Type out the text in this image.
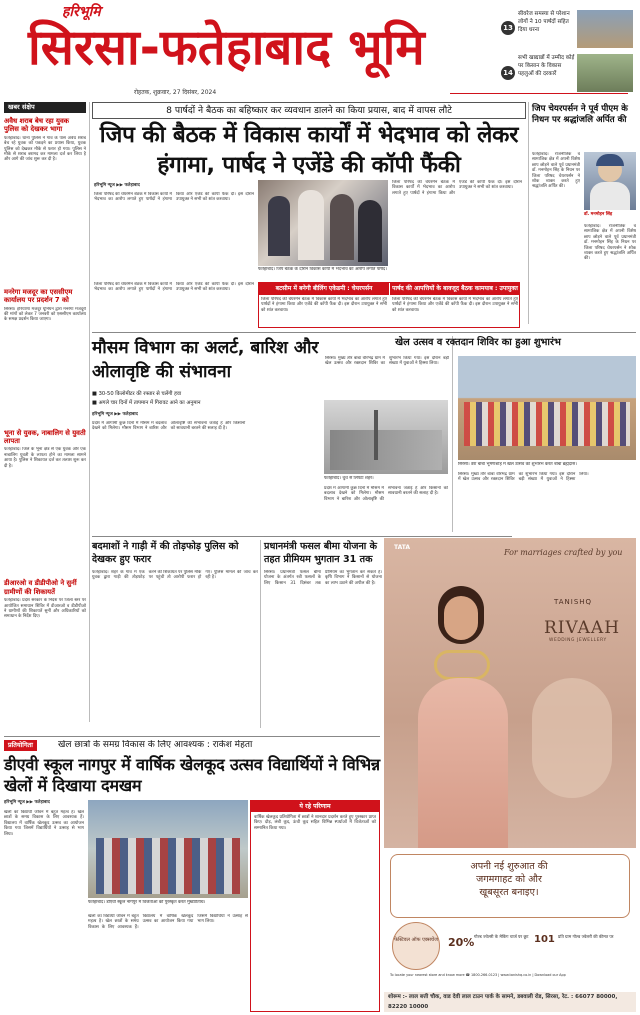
हरिभूमि
सिरसा-फतेहाबाद भूमि
रोहतक, शुक्रवार, 27 दिसंबर, 2024
13
सीवरेज समस्या से परेशान लोगों ने 10 पार्षदों सहित दिया धरना
14
सभी खाद्यान्नों में उम्मीद कोई पर किसान के विकास पहलुओं की दरकारें
खबर संक्षेप
अवैध शराब बेच रहा युवक पुलिस को देखकर भागा
फतेहाबाद। थाना पुलिस ने गांव के पास अवैध शराब बेच रहे युवक को पकड़ने का प्रयास किया, युवक पुलिस को देखकर मौके से फरार हो गया। पुलिस ने मौके से शराब बरामद कर मामला दर्ज कर लिया है और आगे की जांच शुरू कर दी है।
मनरेगा मजदूर का एससीएम कार्यालय पर प्रदर्शन 7 को
सिरसा। हरियाणा मजदूर यूनियन द्वारा मनरेगा मजदूरों की मांगों को लेकर 7 जनवरी को एससीएम कार्यालय के समक्ष प्रदर्शन किया जाएगा।
भूना से युवक, नाबालिग से युवती लापता
फतेहाबाद। जिले के भूना क्षेत्र से एक युवक और एक नाबालिग युवती के लापता होने का मामला सामने आया है। पुलिस ने शिकायत दर्ज कर तलाश शुरू कर दी है।
डीआरओ व डीडीपीओ ने सुनीं ग्रामीणों की शिकायतें
फतेहाबाद। प्रदेश सरकार के निर्देश पर जिला स्तर पर आयोजित समाधान शिविर में डीआरओ व डीडीपीओ ने ग्रामीणों की शिकायतें सुनीं और अधिकारियों को समाधान के निर्देश दिए।
8 पार्षदों ने बैठक का बहिष्कार कर व्यवधान डालने का किया प्रयास, बाद में वापस लौटे
जिप की बैठक में विकास कार्यों में भेदभाव को लेकर हंगामा, पार्षद ने एजेंडे की कॉपी फैंकी
हरिभूमि न्यूज ▶▶ फतेहाबाद
जिला परिषद की चेयरमैन बैठक में विकास कार्यों में भेदभाव का आरोप लगाते हुए पार्षदों ने हंगामा किया और एजेंडे की कॉपी फैंक दी। इस दौरान उपायुक्त ने सभी को शांत करवाया।
फतेहाबाद। जिप बैठक के दौरान विकास कार्यों में भेदभाव का आरोप लगाते पार्षद।
जिला परिषद की चेयरमैन बैठक में विकास कार्यों में भेदभाव का आरोप लगाते हुए पार्षदों ने हंगामा किया और एजेंडे की कॉपी फैंक दी। इस दौरान उपायुक्त ने सभी को शांत करवाया।
जिला परिषद की चेयरमैन बैठक में विकास कार्यों में भेदभाव का आरोप लगाते हुए पार्षदों ने हंगामा किया और एजेंडे की कॉपी फैंक दी। इस दौरान उपायुक्त ने सभी को शांत करवाया।	बटसीम में बनेगी बीलिंग एकेडमी : चेयरपर्सन	पार्षद की आपत्तियों के बावजूद बैठक कामयाब : उपायुक्त
जिला परिषद की चेयरमैन बैठक में विकास कार्यों में भेदभाव का आरोप लगाते हुए पार्षदों ने हंगामा किया और एजेंडे की कॉपी फैंक दी। इस दौरान उपायुक्त ने सभी को शांत करवाया।
जिला परिषद की चेयरमैन बैठक में विकास कार्यों में भेदभाव का आरोप लगाते हुए पार्षदों ने हंगामा किया और एजेंडे की कॉपी फैंक दी। इस दौरान उपायुक्त ने सभी को शांत करवाया।
जिप चेयरपर्सन ने पूर्व पीएम के निधन पर श्रद्धांजलि अर्पित की
फतेहाबाद। राजनीतिक व सामाजिक क्षेत्र में अपनी विशेष छाप छोड़ने वाले पूर्व प्रधानमंत्री डॉ. मनमोहन सिंह के निधन पर जिला परिषद चेयरपर्सन ने शोक व्यक्त करते हुए श्रद्धांजलि अर्पित की।
डॉ. मनमोहन सिंह
फतेहाबाद। राजनीतिक व सामाजिक क्षेत्र में अपनी विशेष छाप छोड़ने वाले पूर्व प्रधानमंत्री डॉ. मनमोहन सिंह के निधन पर जिला परिषद चेयरपर्सन ने शोक व्यक्त करते हुए श्रद्धांजलि अर्पित की।
मौसम विभाग का अलर्ट, बारिश और ओलावृष्टि की संभावना
■ 30-50 किलोमीटर की रफ्तार से चलेंगी हवा
■ अगले चार दिनों में तापमान में गिरावट आने का अनुमान
हरिभूमि न्यूज ▶▶ फतेहाबाद
प्रदेश में आगामी कुछ दिनों में मौसम में बदलाव देखने को मिलेगा। मौसम विभाग ने बारिश और ओलावृष्टि की संभावना जताई है और किसानों को सावधानी बरतने की सलाह दी है।
फतेहाबाद। धुंध से लिपटा शहर।
प्रदेश में आगामी कुछ दिनों में मौसम में बदलाव देखने को मिलेगा। मौसम विभाग ने बारिश और ओलावृष्टि की संभावना जताई है और किसानों को सावधानी बरतने की सलाह दी है।
खेल उत्सव व रक्तदान शिविर का हुआ शुभारंभ
सिरसा। मुख्य तौर बाबा वीरभद्र ग्राम में खेल उत्सव और रक्तदान शिविर का शुभारंभ किया गया। इस दौरान बड़ी संख्या में युवाओं ने हिस्सा लिया।
सिरसा। डेरा बाबा भूमणशाह में खेल उत्सव का शुभारंभ करते बाबा ब्रह्मदास।
सिरसा। मुख्य तौर बाबा वीरभद्र ग्राम में खेल उत्सव और रक्तदान शिविर का शुभारंभ किया गया। इस दौरान बड़ी संख्या में युवाओं ने हिस्सा लिया।
बदमाशों ने गाड़ी में की तोड़फोड़ पुलिस को देखकर हुए फरार
फतेहाबाद। शहर के गांव में एक युवक द्वारा गाड़ी की तोड़फोड़ करने की शिकायत पर पुलिस मौके पर पहुंची तो आरोपी फरार हो गए। पुलिस मामले की जांच कर रही है।
प्रधानमंत्री फसल बीमा योजना के तहत प्रीमियम भुगतान 31 तक
सिरसा। प्रधानमंत्री फसल बीमा योजना के अंतर्गत रबी फसलों के लिए किसान 31 दिसंबर तक प्रीमियम का भुगतान कर सकते हैं। कृषि विभाग ने किसानों से योजना का लाभ उठाने की अपील की है।
TATA
For marriages crafted by you
TANISHQ
RIVAAH
WEDDING JEWELLERY
अपनी नई शुरुआत की
जगमगाहट को और
खूबसूरत बनाइए।
फेस्टिवल ऑफ एक्सचेंज 20% गोल्ड ज्वेलरी के मेकिंग चार्ज पर छूट 101 प्रति ग्राम गोल्ड ज्वेलरी की कीमत पर
To locate your nearest store and know more ☎ 1800-266-0123 | www.tanishq.co.in | Download our App
शोरूम :- लाल बत्ती चौक, वाड देवी लाल टाउन पार्क के सामने, डबवाली रोड, सिरसा, रेट. : 66077 80000, 82220 10000
प्रतियोगिता	खेल छात्रों के समग्र विकास के लिए आवश्यक : राकेश मेहता
डीएवी स्कूल नागपुर में वार्षिक खेलकूद उत्सव विद्यार्थियों ने विभिन्न खेलों में दिखाया दमखम
हरिभूमि न्यूज ▶▶ फतेहाबाद
खेलों का विद्यार्थी जीवन में बहुत महत्व है। खेल छात्रों के समग्र विकास के लिए आवश्यक हैं। विद्यालय में वार्षिक खेलकूद उत्सव का आयोजन किया गया जिसमें विद्यार्थियों ने उत्साह से भाग लिया।
फतेहाबाद। डीएवी स्कूल नागपुर में विजेताओं को पुरस्कृत करते मुख्यातिथि।
खेलों का विद्यार्थी जीवन में बहुत महत्व है। खेल छात्रों के समग्र विकास के लिए आवश्यक हैं। विद्यालय में वार्षिक खेलकूद उत्सव का आयोजन किया गया जिसमें विद्यार्थियों ने उत्साह से भाग लिया।
ये रहे परिणाम
वार्षिक खेलकूद प्रतियोगिता में छात्रों ने शानदार प्रदर्शन करते हुए पुरस्कार प्राप्त किए। दौड़, लंबी कूद, ऊंची कूद सहित विभिन्न स्पर्धाओं में विजेताओं को सम्मानित किया गया।
